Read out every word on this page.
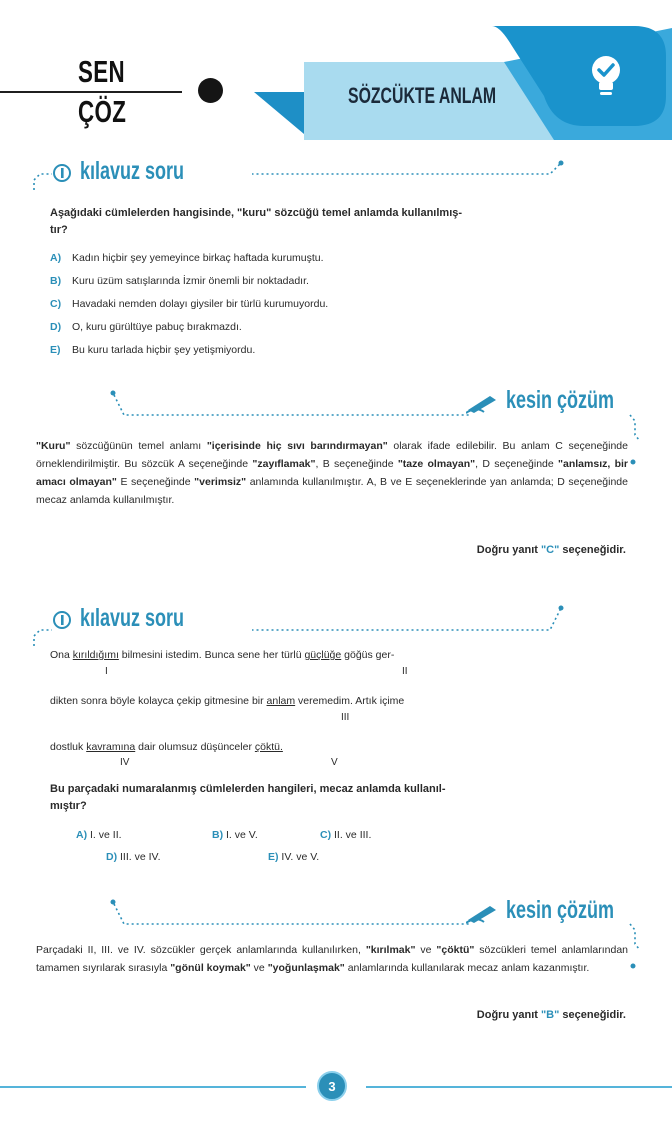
SEN
ÇÖZ	SÖZCÜKTE ANLAM
kılavuz soru
Aşağıdaki cümlelerden hangisinde, "kuru" sözcüğü temel anlamda kullanılmış-
tır?
A) Kadın hiçbir şey yemeyince birkaç haftada kurumuştu.
B) Kuru üzüm satışlarında İzmir önemli bir noktadadır.
C) Havadaki nemden dolayı giysiler bir türlü kurumuyordu.
D) O, kuru gürültüye pabuç bırakmazdı.
E) Bu kuru tarlada hiçbir şey yetişmiyordu.
kesin çözüm
"Kuru" sözcüğünün temel anlamı "içerisinde hiç sıvı barındırmayan" olarak ifade edilebilir. Bu anlam C seçeneğinde örneklendirilmiştir. Bu sözcük A seçeneğinde "zayıflamak", B seçeneğinde "taze olmayan", D seçeneğinde "anlamsız, bir amacı olmayan" E seçeneğinde "verimsiz" anlamında kullanılmıştır. A, B ve E seçeneklerinde yan anlamda; D seçeneğinde mecaz anlamda kullanılmıştır.
Doğru yanıt "C" seçeneğidir.
kılavuz soru
Ona kırıldığımı bilmesini istedim. Bunca sene her türlü güçlüğe göğüs ger-
I	II
dikten sonra böyle kolayca çekip gitmesine bir anlam veremedim. Artık içime
III
dostluk kavramına dair olumsuz düşünceler çöktü.
IV	V
Bu parçadaki numaralanmış cümlelerden hangileri, mecaz anlamda kullanıl-
mıştır?
A) I. ve II.	B) I. ve V.	C) II. ve III.
D) III. ve IV.	E) IV. ve V.
kesin çözüm
Parçadaki II, III. ve IV. sözcükler gerçek anlamlarında kullanılırken, "kırılmak" ve "çöktü" sözcükleri temel anlamlarından tamamen sıyrılarak sırasıyla "gönül koymak" ve "yoğunlaşmak" anlamlarında kullanılarak mecaz anlam kazanmıştır.
Doğru yanıt "B" seçeneğidir.
3
